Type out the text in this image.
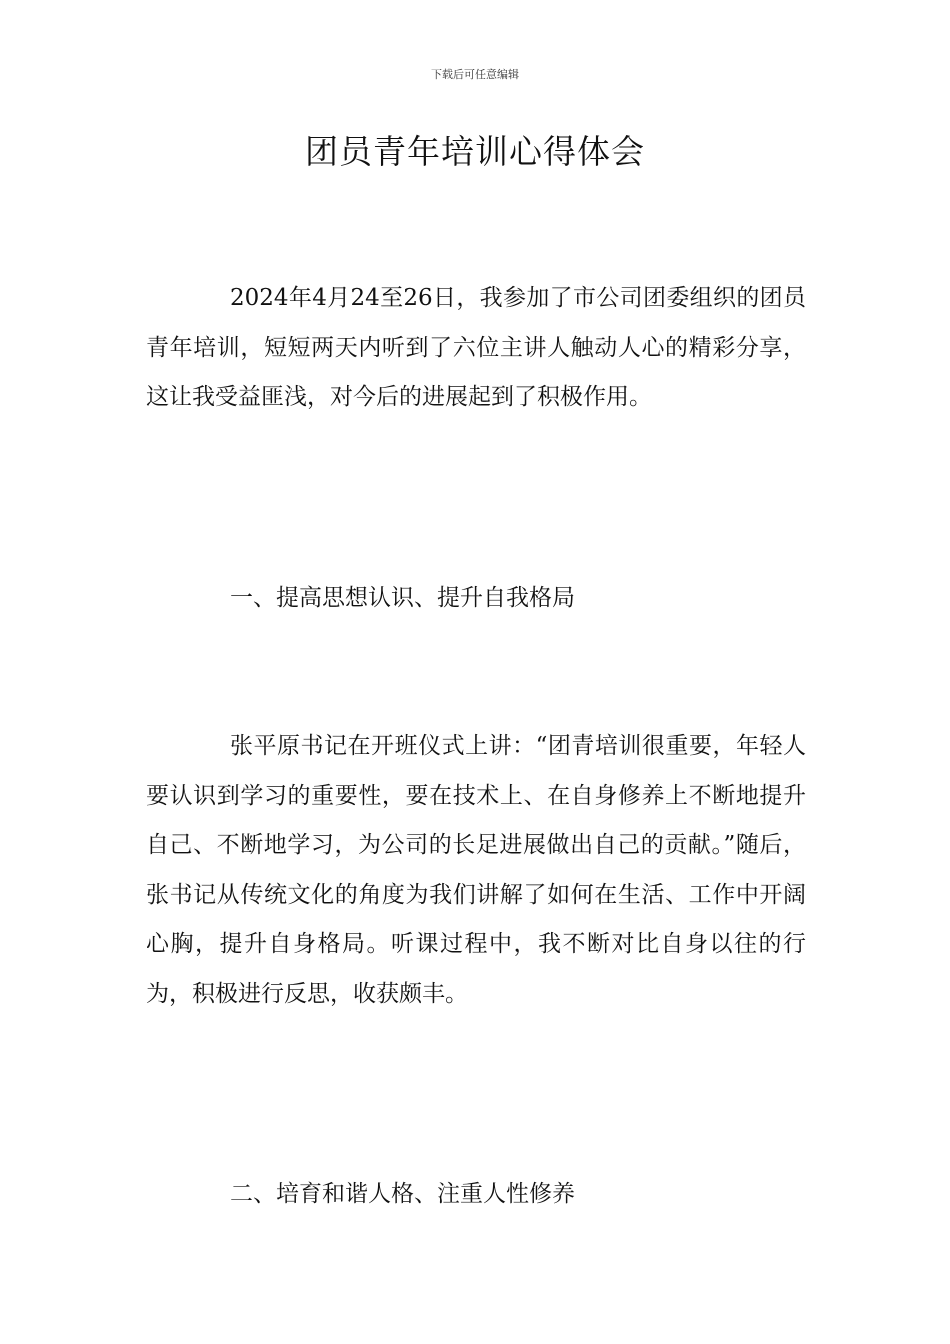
下载后可任意编辑
团员青年培训心得体会

2024年4月24至26日，我参加了市公司团委组织的团员青年培训，短短两天内听到了六位主讲人触动人心的精彩分享，这让我受益匪浅，对今后的进展起到了积极作用。

一、提高思想认识、提升自我格局

张平原书记在开班仪式上讲：“团青培训很重要，年轻人要认识到学习的重要性，要在技术上、在自身修养上不断地提升自己、不断地学习，为公司的长足进展做出自己的贡献。”随后，张书记从传统文化的角度为我们讲解了如何在生活、工作中开阔心胸，提升自身格局。听课过程中，我不断对比自身以往的行为，积极进行反思，收获颇丰。

二、培育和谐人格、注重人性修养
